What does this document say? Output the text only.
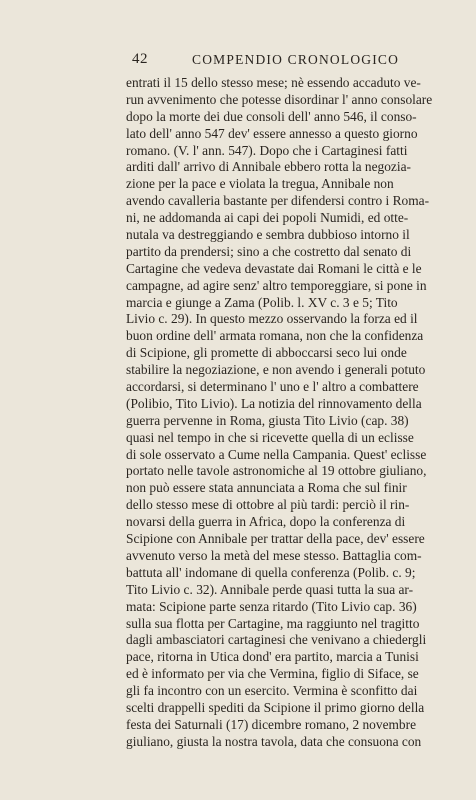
42	COMPENDIO CRONOLOGICO
entrati il 15 dello stesso mese; nè essendo accaduto ve-
run avvenimento che potesse disordinar l' anno consolare
dopo la morte dei due consoli dell' anno 546, il conso-
lato dell' anno 547 dev' essere annesso a questo giorno
romano. (V. l' ann. 547). Dopo che i Cartaginesi fatti
arditi dall' arrivo di Annibale ebbero rotta la negozia-
zione per la pace e violata la tregua, Annibale non
avendo cavalleria bastante per difendersi contro i Roma-
ni, ne addomanda ai capi dei popoli Numidi, ed otte-
nutala va destreggiando e sembra dubbioso intorno il
partito da prendersi; sino a che costretto dal senato di
Cartagine che vedeva devastate dai Romani le città e le
campagne, ad agire senz' altro temporeggiare, si pone in
marcia e giunge a Zama (Polib. l. XV c. 3 e 5; Tito
Livio c. 29). In questo mezzo osservando la forza ed il
buon ordine dell' armata romana, non che la confidenza
di Scipione, gli promette di abboccarsi seco lui onde
stabilire la negoziazione, e non avendo i generali potuto
accordarsi, si determinano l' uno e l' altro a combattere
(Polibio, Tito Livio). La notizia del rinnovamento della
guerra pervenne in Roma, giusta Tito Livio (cap. 38)
quasi nel tempo in che si ricevette quella di un eclisse
di sole osservato a Cume nella Campania. Quest' eclisse
portato nelle tavole astronomiche al 19 ottobre giuliano,
non può essere stata annunciata a Roma che sul finir
dello stesso mese di ottobre al più tardi: perciò il rin-
novarsi della guerra in Africa, dopo la conferenza di
Scipione con Annibale per trattar della pace, dev' essere
avvenuto verso la metà del mese stesso. Battaglia com-
battuta all' indomane di quella conferenza (Polib. c. 9;
Tito Livio c. 32). Annibale perde quasi tutta la sua ar-
mata: Scipione parte senza ritardo (Tito Livio cap. 36)
sulla sua flotta per Cartagine, ma raggiunto nel tragitto
dagli ambasciatori cartaginesi che venivano a chiedergli
pace, ritorna in Utica dond' era partito, marcia a Tunisi
ed è informato per via che Vermina, figlio di Siface, se
gli fa incontro con un esercito. Vermina è sconfitto dai
scelti drappelli spediti da Scipione il primo giorno della
festa dei Saturnali (17) dicembre romano, 2 novembre
giuliano, giusta la nostra tavola, data che consuona con
